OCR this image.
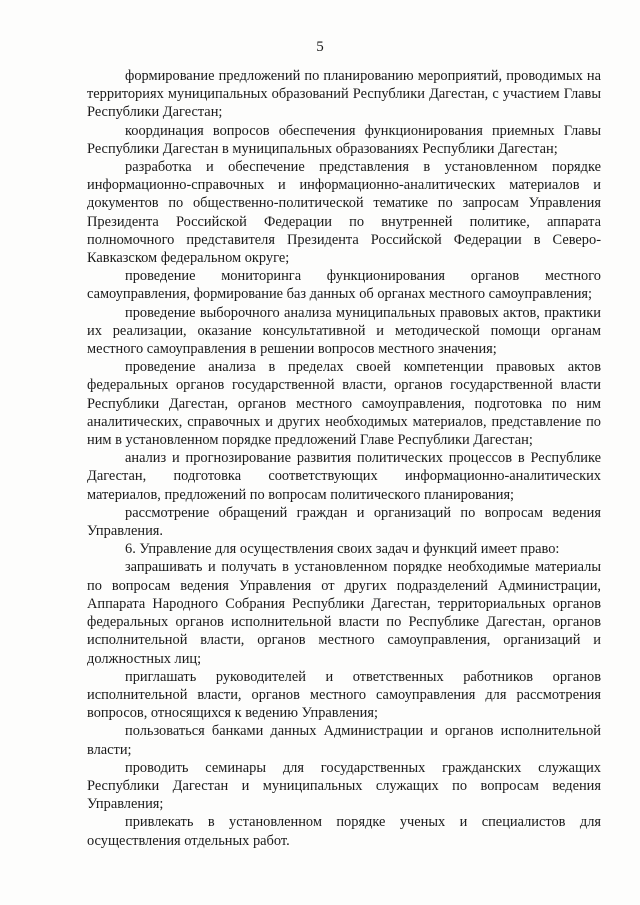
5

формирование предложений по планированию мероприятий, проводимых на территориях муниципальных образований Республики Дагестан, с участием Главы Республики Дагестан;

координация вопросов обеспечения функционирования приемных Главы Республики Дагестан в муниципальных образованиях Республики Дагестан;

разработка и обеспечение представления в установленном порядке информационно-справочных и информационно-аналитических материалов и документов по общественно-политической тематике по запросам Управления Президента Российской Федерации по внутренней политике, аппарата полномочного представителя Президента Российской Федерации в Северо-Кавказском федеральном округе;

проведение мониторинга функционирования органов местного самоуправления, формирование баз данных об органах местного самоуправления;

проведение выборочного анализа муниципальных правовых актов, практики их реализации, оказание консультативной и методической помощи органам местного самоуправления в решении вопросов местного значения;

проведение анализа в пределах своей компетенции правовых актов федеральных органов государственной власти, органов государственной власти Республики Дагестан, органов местного самоуправления, подготовка по ним аналитических, справочных и других необходимых материалов, представление по ним в установленном порядке предложений Главе Республики Дагестан;

анализ и прогнозирование развития политических процессов в Республике Дагестан, подготовка соответствующих информационно-аналитических материалов, предложений по вопросам политического планирования;

рассмотрение обращений граждан и организаций по вопросам ведения Управления.

6. Управление для осуществления своих задач и функций имеет право:

запрашивать и получать в установленном порядке необходимые материалы по вопросам ведения Управления от других подразделений Администрации, Аппарата Народного Собрания Республики Дагестан, территориальных органов федеральных органов исполнительной власти по Республике Дагестан, органов исполнительной власти, органов местного самоуправления, организаций и должностных лиц;

приглашать руководителей и ответственных работников органов исполнительной власти, органов местного самоуправления для рассмотрения вопросов, относящихся к ведению Управления;

пользоваться банками данных Администрации и органов исполнительной власти;

проводить семинары для государственных гражданских служащих Республики Дагестан и муниципальных служащих по вопросам ведения Управления;

привлекать в установленном порядке ученых и специалистов для осуществления отдельных работ.
